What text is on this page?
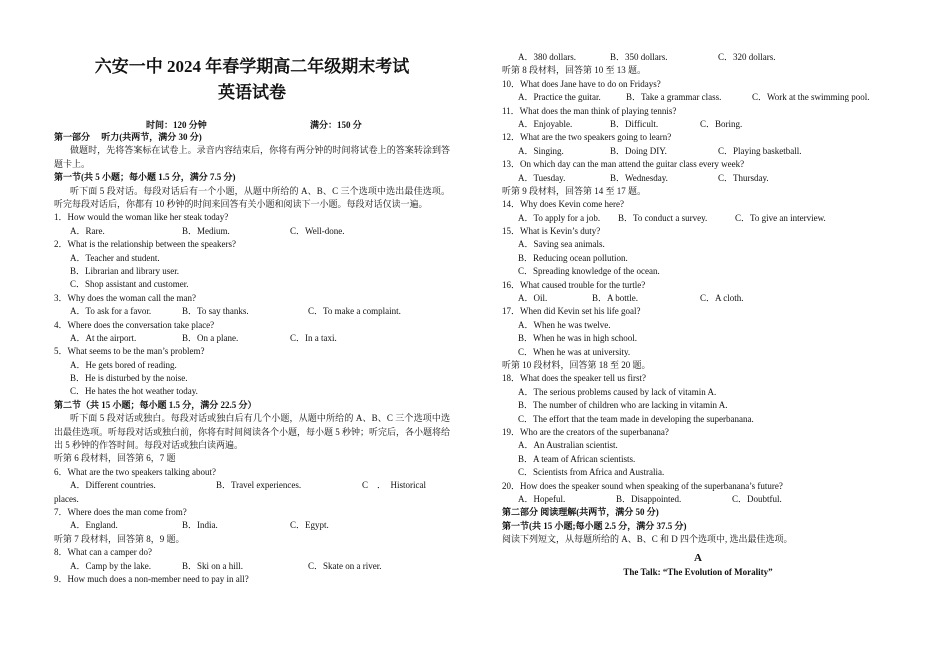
六安一中 2024 年春学期高二年级期末考试
英语试卷
时间：120 分钟	满分：150 分
第一部分　 听力(共两节，满分 30 分)
做题时，先将答案标在试卷上。录音内容结束后，你将有两分钟的时间将试卷上的答案转涂到答题卡上。
第一节(共 5 小题；每小题 1.5 分，满分 7.5 分)
听下面 5 段对话。每段对话后有一个小题，从题中所给的 A、B、C 三个选项中选出最佳选项。听完每段对话后，你都有 10 秒钟的时间来回答有关小题和阅读下一小题。每段对话仅读一遍。
1．How would the woman like her steak today?
A．Rare.	B．Medium.	C．Well-done.
2．What is the relationship between the speakers?
A．Teacher and student.
B．Librarian and library user.
C．Shop assistant and customer.
3．Why does the woman call the man?
A．To ask for a favor.	B．To say thanks.	C．To make a complaint.
4．Where does the conversation take place?
A．At the airport.	B．On a plane.	C．In a taxi.
5．What seems to be the man’s problem?
A．He gets bored of reading.
B．He is disturbed by the noise.
C．He hates the hot weather today.
第二节（共 15 小题；每小题 1.5 分，满分 22.5 分）
听下面 5 段对话或独白。每段对话或独白后有几个小题，从题中所给的 A、B、C 三个选项中选出最佳选项。听每段对话或独白前，你将有时间阅读各个小题，每小题 5 秒钟；听完后，各小题将给出 5 秒钟的作答时间。每段对话或独白读两遍。
听第 6 段材料，回答第 6，7 题
6．What are the two speakers talking about?
A．Different countries.	B．Travel experiences.	C　．　Historical
places.
7．Where does the man come from?
A．England.	B．India.	C．Egypt.
听第 7 段材料，回答第 8，9 题。
8．What can a camper do?
A．Camp by the lake.	B．Ski on a hill.	C．Skate on a river.
9．How much does a non-member need to pay in all?
A．380 dollars.	B．350 dollars.	C．320 dollars.
听第 8 段材料，回答第 10 至 13 题。
10．What does Jane have to do on Fridays?
A．Practice the guitar.	B．Take a grammar class.	C．Work at the swimming pool.
11．What does the man think of playing tennis?
A．Enjoyable.	B．Difficult.	C．Boring.
12．What are the two speakers going to learn?
A．Singing.	B．Doing DIY.	C．Playing basketball.
13．On which day can the man attend the guitar class every week?
A．Tuesday.	B．Wednesday.	C．Thursday.
听第 9 段材料，回答第 14 至 17 题。
14．Why does Kevin come here?
A．To apply for a job.	B．To conduct a survey.	C．To give an interview.
15．What is Kevin’s duty?
A．Saving sea animals.
B．Reducing ocean pollution.
C．Spreading knowledge of the ocean.
16．What caused trouble for the turtle?
A．Oil.	B．A bottle.	C．A cloth.
17．When did Kevin set his life goal?
A．When he was twelve.
B．When he was in high school.
C．When he was at university.
听第 10 段材料，回答第 18 至 20 题。
18．What does the speaker tell us first?
A．The serious problems caused by lack of vitamin A.
B．The number of children who are lacking in vitamin A.
C．The effort that the team made in developing the superbanana.
19．Who are the creators of the superbanana?
A．An Australian scientist.
B．A team of African scientists.
C．Scientists from Africa and Australia.
20．How does the speaker sound when speaking of the superbanana’s future?
A．Hopeful.	B．Disappointed.	C．Doubtful.
第二部分 阅读理解(共两节，满分 50 分)
第一节(共 15 小题;每小题 2.5 分，满分 37.5 分)
阅读下列短文，从每题所给的 A、B、C 和 D 四个选项中, 选出最佳选项。
A
The Talk: “The Evolution of Morality”
